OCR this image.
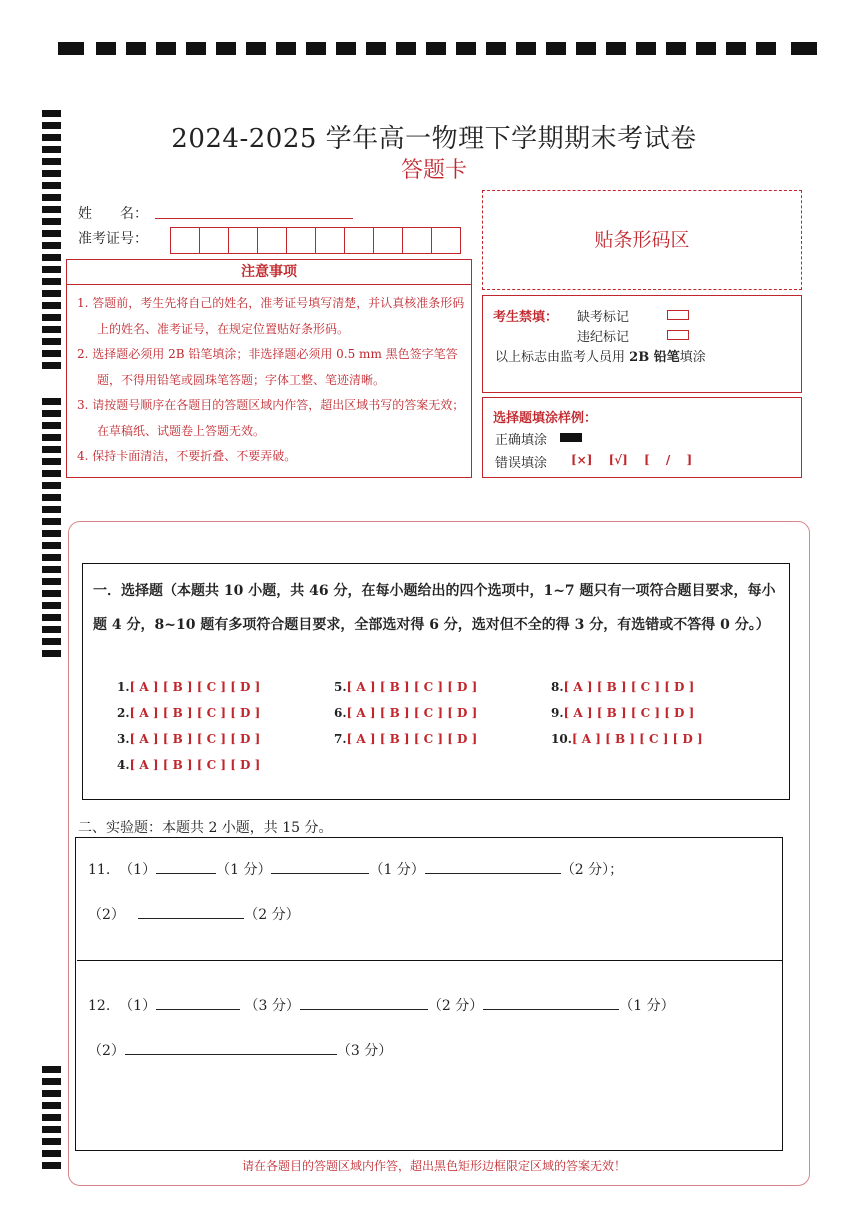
2024-2025 学年高一物理下学期期末考试卷
答题卡
姓　　名：
准考证号：
注意事项

1. 答题前，考生先将自己的姓名，准考证号填写清楚，并认真核准条形码上的姓名、准考证号，在规定位置贴好条形码。

2. 选择题必须用 2B 铅笔填涂；非选择题必须用 0.5 mm 黑色签字笔答题，不得用铅笔或圆珠笔答题；字体工整、笔迹清晰。

3. 请按题号顺序在各题目的答题区域内作答，超出区域书写的答案无效；在草稿纸、试题卷上答题无效。

4. 保持卡面清洁，不要折叠、不要弄破。

贴条形码区
考生禁填： 缺考标记
违纪标记
以上标志由监考人员用 2B 铅笔填涂
选择题填涂样例：
正确填涂
错误填涂 [×] [√] [ / ]
一．选择题（本题共 10 小题，共 46 分，在每小题给出的四个选项中，1~7 题只有一项符合题目要求，每小题 4 分，8~10 题有多项符合题目要求，全部选对得 6 分，选对但不全的得 3 分，有选错或不答得 0 分。）
1.[ A ] [ B ] [ C ] [ D ]
2.[ A ] [ B ] [ C ] [ D ]
3.[ A ] [ B ] [ C ] [ D ]
4.[ A ] [ B ] [ C ] [ D ]
5.[ A ] [ B ] [ C ] [ D ]
6.[ A ] [ B ] [ C ] [ D ]
7.[ A ] [ B ] [ C ] [ D ]
8.[ A ] [ B ] [ C ] [ D ]
9.[ A ] [ B ] [ C ] [ D ]
10.[ A ] [ B ] [ C ] [ D ]
二、实验题：本题共 2 小题，共 15 分。
11. （1）	（1 分）	（1 分）	（2 分）；
（2）	（2 分）
12. （1）	（3 分）	（2 分）	（1 分）
（2）	（3 分）
请在各题目的答题区域内作答，超出黑色矩形边框限定区域的答案无效！
